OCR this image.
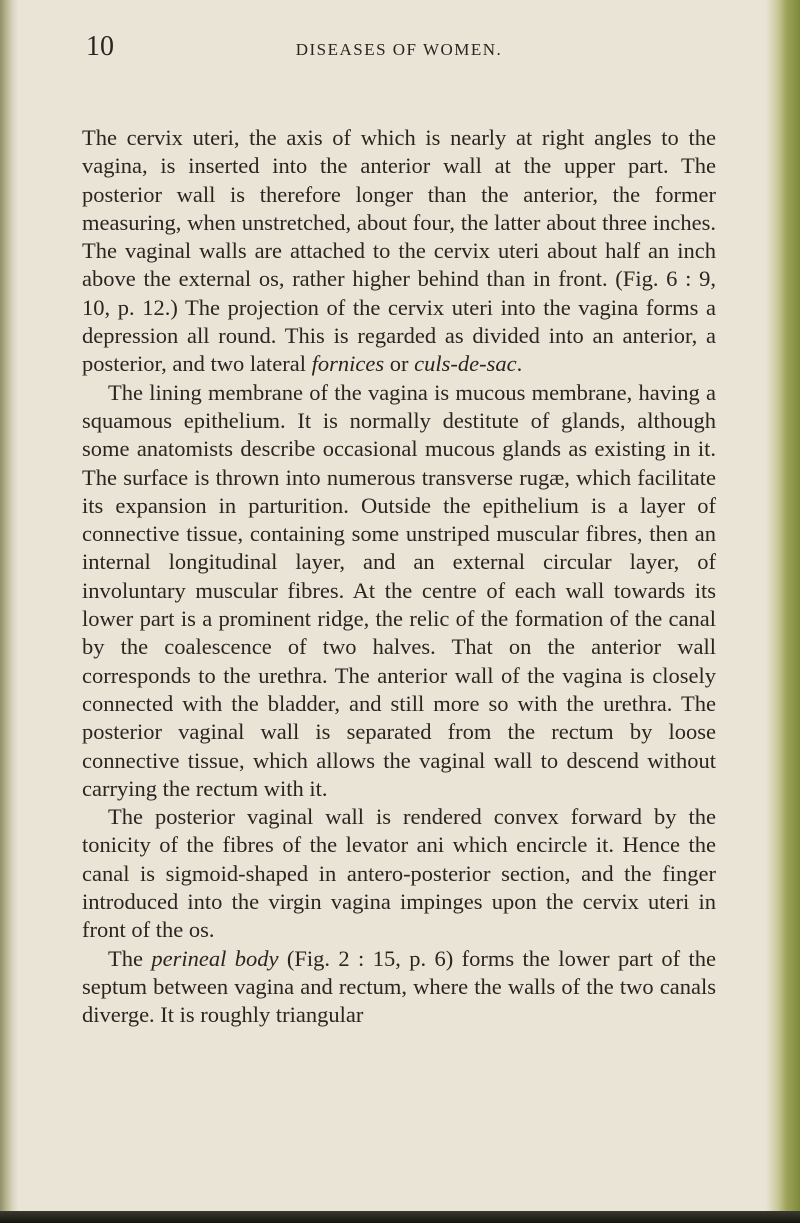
10	DISEASES OF WOMEN.

The cervix uteri, the axis of which is nearly at right angles to the vagina, is inserted into the anterior wall at the upper part. The posterior wall is therefore longer than the anterior, the former measuring, when unstretched, about four, the latter about three inches. The vaginal walls are attached to the cervix uteri about half an inch above the external os, rather higher behind than in front. (Fig. 6 : 9, 10, p. 12.) The projection of the cervix uteri into the vagina forms a depression all round. This is regarded as divided into an anterior, a posterior, and two lateral fornices or culs-de-sac.

The lining membrane of the vagina is mucous membrane, having a squamous epithelium. It is normally destitute of glands, although some anatomists describe occasional mucous glands as existing in it. The surface is thrown into numerous transverse rugæ, which facilitate its expansion in parturition. Outside the epithelium is a layer of connective tissue, containing some unstriped muscular fibres, then an internal longitudinal layer, and an external circular layer, of involuntary muscular fibres. At the centre of each wall towards its lower part is a prominent ridge, the relic of the formation of the canal by the coalescence of two halves. That on the anterior wall corresponds to the urethra. The anterior wall of the vagina is closely connected with the bladder, and still more so with the urethra. The posterior vaginal wall is separated from the rectum by loose connective tissue, which allows the vaginal wall to descend without carrying the rectum with it.

The posterior vaginal wall is rendered convex forward by the tonicity of the fibres of the levator ani which encircle it. Hence the canal is sigmoid-shaped in antero-posterior section, and the finger introduced into the virgin vagina impinges upon the cervix uteri in front of the os.

The perineal body (Fig. 2 : 15, p. 6) forms the lower part of the septum between vagina and rectum, where the walls of the two canals diverge. It is roughly triangular
